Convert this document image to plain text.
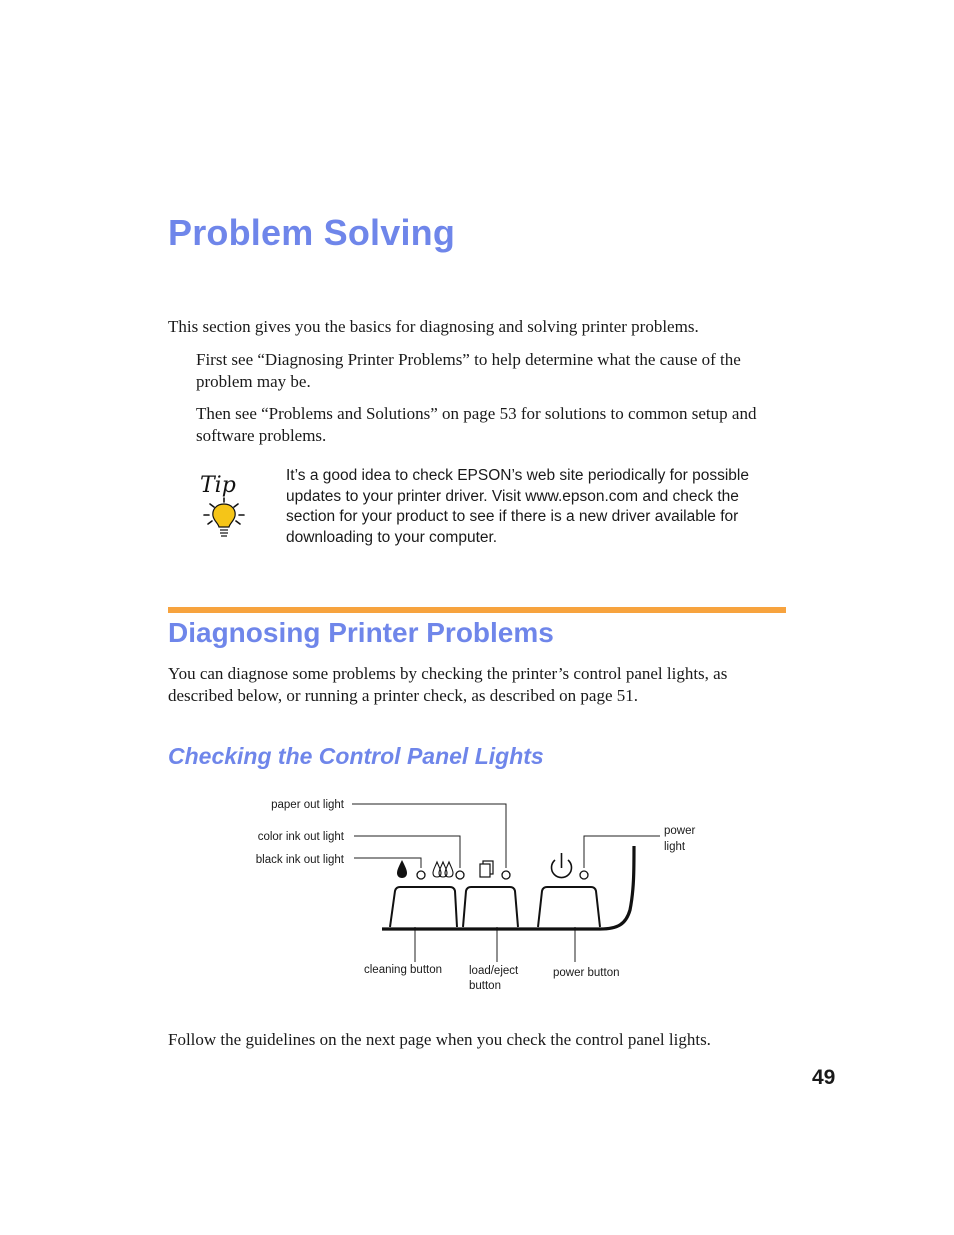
Problem Solving

This section gives you the basics for diagnosing and solving printer problems.

First see “Diagnosing Printer Problems” to help determine what the cause of the problem may be.

Then see “Problems and Solutions” on page 53 for solutions to common setup and software problems.

Tip	It’s a good idea to check EPSON’s web site periodically for possible updates to your printer driver. Visit www.epson.com and check the section for your product to see if there is a new driver available for downloading to your computer.

Diagnosing Printer Problems

You can diagnose some problems by checking the printer’s control panel lights, as described below, or running a printer check, as described on page 51.

Checking the Control Panel Lights
paper out light
color ink out light
black ink out light
power
light
cleaning button load/eject
button
power button

Follow the guidelines on the next page when you check the control panel lights.

49
